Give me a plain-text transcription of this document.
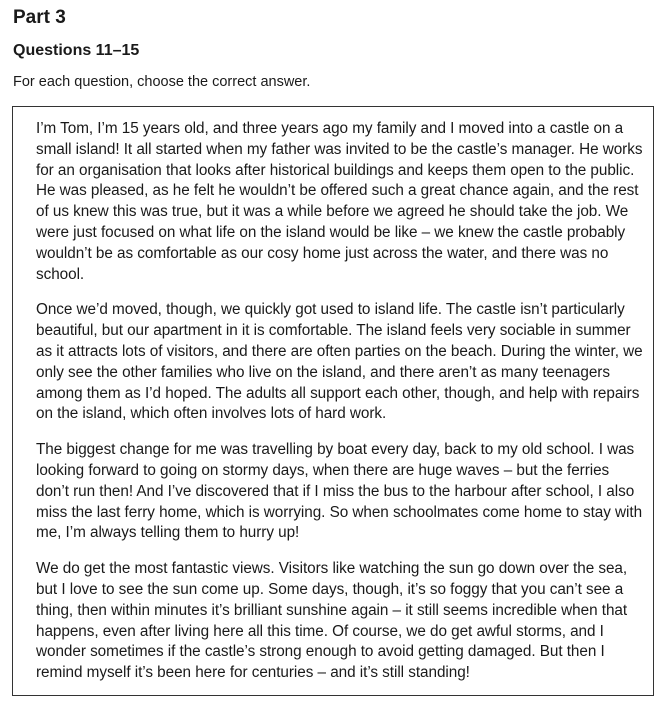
Part 3
Questions 11–15

For each question, choose the correct answer.

I’m Tom, I’m 15 years old, and three years ago my family and I moved into a castle on a small island! It all started when my father was invited to be the castle’s manager. He works for an organisation that looks after historical buildings and keeps them open to the public. He was pleased, as he felt he wouldn’t be offered such a great chance again, and the rest of us knew this was true, but it was a while before we agreed he should take the job. We were just focused on what life on the island would be like – we knew the castle probably wouldn’t be as comfortable as our cosy home just across the water, and there was no school.

Once we’d moved, though, we quickly got used to island life. The castle isn’t particularly beautiful, but our apartment in it is comfortable. The island feels very sociable in summer as it attracts lots of visitors, and there are often parties on the beach. During the winter, we only see the other families who live on the island, and there aren’t as many teenagers among them as I’d hoped. The adults all support each other, though, and help with repairs on the island, which often involves lots of hard work.

The biggest change for me was travelling by boat every day, back to my old school. I was looking forward to going on stormy days, when there are huge waves – but the ferries don’t run then! And I’ve discovered that if I miss the bus to the harbour after school, I also miss the last ferry home, which is worrying. So when schoolmates come home to stay with me, I’m always telling them to hurry up!

We do get the most fantastic views. Visitors like watching the sun go down over the sea, but I love to see the sun come up. Some days, though, it’s so foggy that you can’t see a thing, then within minutes it’s brilliant sunshine again – it still seems incredible when that happens, even after living here all this time. Of course, we do get awful storms, and I wonder sometimes if the castle’s strong enough to avoid getting damaged. But then I remind myself it’s been here for centuries – and it’s still standing!
